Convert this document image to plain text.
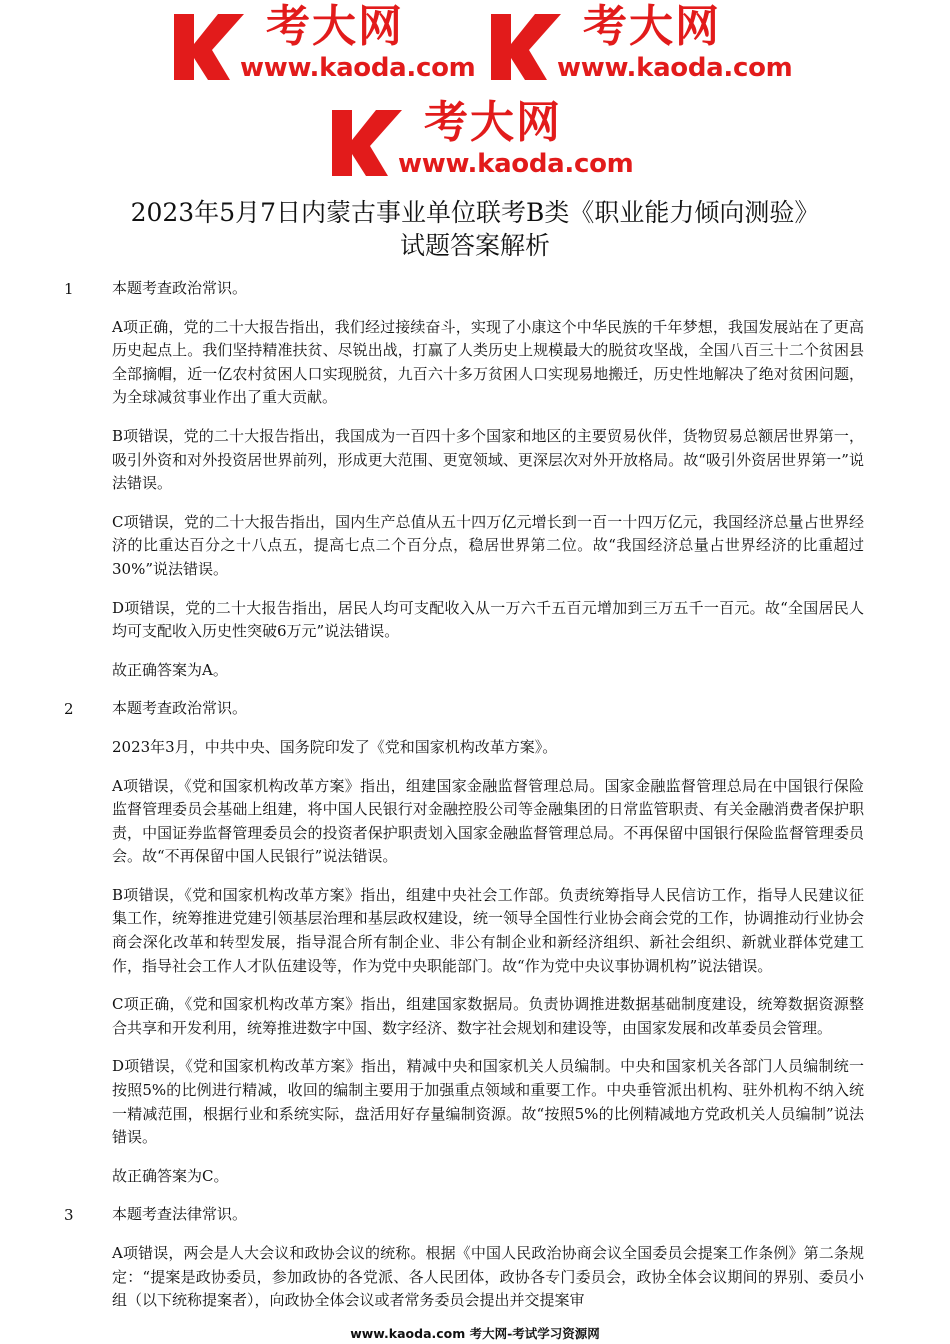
考大网
www.kaoda.com
考大网
www.kaoda.com
考大网
www.kaoda.com
2023年5月7日内蒙古事业单位联考B类《职业能力倾向测验》
试题答案解析
1	本题考查政治常识。

A项正确，党的二十大报告指出，我们经过接续奋斗，实现了小康这个中华民族的千年梦想，我国发展站在了更高历史起点上。我们坚持精准扶贫、尽锐出战，打赢了人类历史上规模最大的脱贫攻坚战，全国八百三十二个贫困县全部摘帽，近一亿农村贫困人口实现脱贫，九百六十多万贫困人口实现易地搬迁，历史性地解决了绝对贫困问题，为全球减贫事业作出了重大贡献。

B项错误，党的二十大报告指出，我国成为一百四十多个国家和地区的主要贸易伙伴，货物贸易总额居世界第一，吸引外资和对外投资居世界前列，形成更大范围、更宽领域、更深层次对外开放格局。故“吸引外资居世界第一”说法错误。

C项错误，党的二十大报告指出，国内生产总值从五十四万亿元增长到一百一十四万亿元，我国经济总量占世界经济的比重达百分之十八点五，提高七点二个百分点，稳居世界第二位。故“我国经济总量占世界经济的比重超过30%”说法错误。

D项错误，党的二十大报告指出，居民人均可支配收入从一万六千五百元增加到三万五千一百元。故“全国居民人均可支配收入历史性突破6万元”说法错误。

故正确答案为A。

2	本题考查政治常识。

2023年3月，中共中央、国务院印发了《党和国家机构改革方案》。

A项错误，《党和国家机构改革方案》指出，组建国家金融监督管理总局。国家金融监督管理总局在中国银行保险监督管理委员会基础上组建，将中国人民银行对金融控股公司等金融集团的日常监管职责、有关金融消费者保护职责，中国证券监督管理委员会的投资者保护职责划入国家金融监督管理总局。不再保留中国银行保险监督管理委员会。故“不再保留中国人民银行”说法错误。

B项错误，《党和国家机构改革方案》指出，组建中央社会工作部。负责统筹指导人民信访工作，指导人民建议征集工作，统筹推进党建引领基层治理和基层政权建设，统一领导全国性行业协会商会党的工作，协调推动行业协会商会深化改革和转型发展，指导混合所有制企业、非公有制企业和新经济组织、新社会组织、新就业群体党建工作，指导社会工作人才队伍建设等，作为党中央职能部门。故“作为党中央议事协调机构”说法错误。

C项正确，《党和国家机构改革方案》指出，组建国家数据局。负责协调推进数据基础制度建设，统筹数据资源整合共享和开发利用，统筹推进数字中国、数字经济、数字社会规划和建设等，由国家发展和改革委员会管理。

D项错误，《党和国家机构改革方案》指出，精减中央和国家机关人员编制。中央和国家机关各部门人员编制统一按照5%的比例进行精减，收回的编制主要用于加强重点领域和重要工作。中央垂管派出机构、驻外机构不纳入统一精减范围，根据行业和系统实际，盘活用好存量编制资源。故“按照5%的比例精减地方党政机关人员编制”说法错误。

故正确答案为C。

3	本题考查法律常识。

A项错误，两会是人大会议和政协会议的统称。根据《中国人民政治协商会议全国委员会提案工作条例》第二条规定：“提案是政协委员，参加政协的各党派、各人民团体，政协各专门委员会，政协全体会议期间的界别、委员小组（以下统称提案者），向政协全体会议或者常务委员会提出并交提案审

www.kaoda.com 考大网-考试学习资源网
